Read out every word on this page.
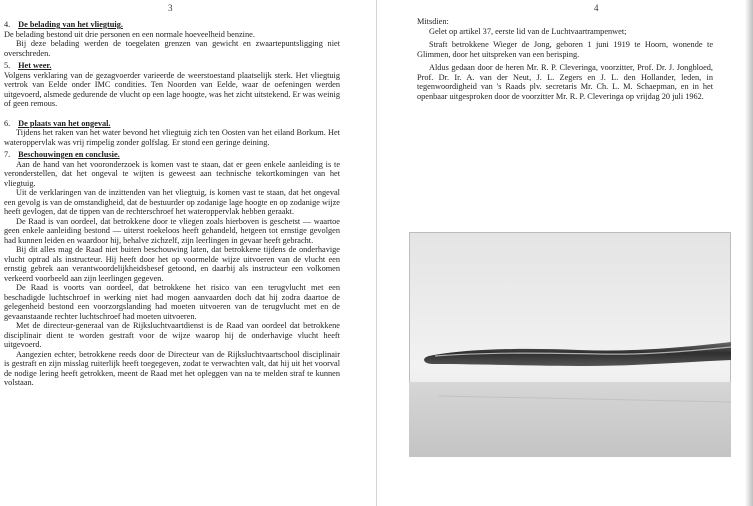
3
4. De belading van het vliegtuig.

De belading bestond uit drie personen en een normale hoeveelheid benzine.

Bij deze belading werden de toegelaten grenzen van gewicht en zwaartepuntsligging niet overschreden.

5. Het weer.

Volgens verklaring van de gezagvoerder varieerde de weerstoestand plaatselijk sterk. Het vliegtuig vertrok van Eelde onder IMC condities. Ten Noorden van Eelde, waar de oefeningen werden uitgevoerd, alsmede gedurende de vlucht op een lage hoogte, was het zicht uitstekend. Er was weinig of geen remous.

6. De plaats van het ongeval.

Tijdens het raken van het water bevond het vliegtuig zich ten Oosten van het eiland Borkum. Het wateroppervlak was vrij rimpelig zonder golfslag. Er stond een geringe deining.

7. Beschouwingen en conclusie.

Aan de hand van het vooronderzoek is komen vast te staan, dat er geen enkele aanleiding is te veronderstellen, dat het ongeval te wijten is geweest aan technische tekortkomingen van het vliegtuig.

Uit de verklaringen van de inzittenden van het vliegtuig, is komen vast te staan, dat het ongeval een gevolg is van de omstandigheid, dat de bestuurder op zodanige lage hoogte en op zodanige wijze heeft gevlogen, dat de tippen van de rechterschroef het wateroppervlak hebben geraakt.

De Raad is van oordeel, dat betrokkene door te vliegen zoals hierboven is geschetst — waartoe geen enkele aanleiding bestond — uiterst roekeloos heeft gehandeld, hetgeen tot ernstige gevolgen had kunnen leiden en waardoor hij, behalve zichzelf, zijn leerlingen in gevaar heeft gebracht.

Bij dit alles mag de Raad niet buiten beschouwing laten, dat betrokkene tijdens de onderhavige vlucht optrad als instructeur. Hij heeft door het op voormelde wijze uitvoeren van de vlucht een ernstig gebrek aan verantwoordelijkheidsbesef getoond, en daarbij als instructeur een volkomen verkeerd voorbeeld aan zijn leerlingen gegeven.

De Raad is voorts van oordeel, dat betrokkene het risico van een terugvlucht met een beschadigde luchtschroef in werking niet had mogen aanvaarden doch dat hij zodra daartoe de gelegenheid bestond een voorzorgslanding had moeten uitvoeren van de terugvlucht met en de gevaanstaande rechter luchtschroef had moeten uitvoeren.

Met de directeur-generaal van de Rijksluchtvaartdienst is de Raad van oordeel dat betrokkene disciplinair dient te worden gestraft voor de wijze waarop hij de onderhavige vlucht heeft uitgevoerd.

Aangezien echter, betrokkene reeds door de Directeur van de Rijksluchtvaartschool disciplinair is gestraft en zijn misslag ruiterlijk heeft toegegeven, zodat te verwachten valt, dat hij uit het voorval de nodige lering heeft getrokken, meent de Raad met het opleggen van na te melden straf te kunnen volstaan.

4

Mitsdien:

Gelet op artikel 37, eerste lid van de Luchtvaartrampenwet;

Straft betrokkene Wieger de Jong, geboren 1 juni 1919 te Hoorn, wonende te Glimmen, door het uitspreken van een berisping.

Aldus gedaan door de heren Mr. R. P. Cleveringa, voorzitter, Prof. Dr. J. Jongbloed, Prof. Dr. Ir. A. van der Neut, J. L. Zegers en J. L. den Hollander, leden, in tegenwoordigheid van 's Raads plv. secretaris Mr. Ch. L. M. Schaepman, en in het openbaar uitgesproken door de voorzitter Mr. R. P. Cleveringa op vrijdag 20 juli 1962.
